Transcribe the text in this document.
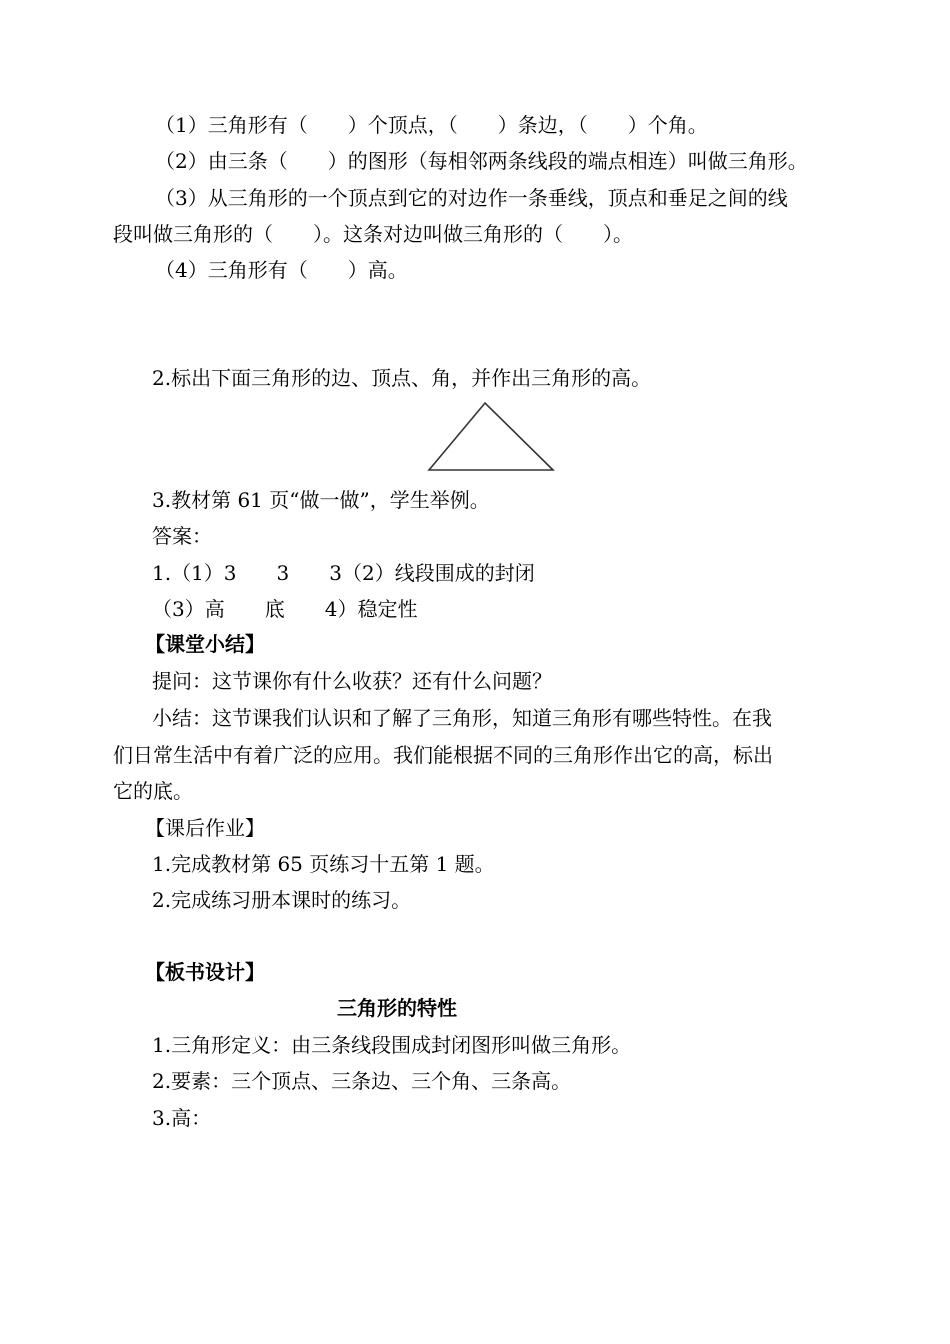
（1）三角形有（　　）个顶点，（　　）条边，（　　）个角。
（2）由三条（　　）的图形（每相邻两条线段的端点相连）叫做三角形。
（3）从三角形的一个顶点到它的对边作一条垂线，顶点和垂足之间的线
段叫做三角形的（　　）。这条对边叫做三角形的（　　）。
（4）三角形有（　　）高。
2.标出下面三角形的边、顶点、角，并作出三角形的高。
3.教材第 61 页“做一做”，学生举例。
答案：
1.（1）3　　3　　3（2）线段围成的封闭
（3）高　　底　　4）稳定性
【课堂小结】
提问：这节课你有什么收获？还有什么问题？
小结：这节课我们认识和了解了三角形，知道三角形有哪些特性。在我
们日常生活中有着广泛的应用。我们能根据不同的三角形作出它的高，标出
它的底。
【课后作业】
1.完成教材第 65 页练习十五第 1 题。
2.完成练习册本课时的练习。
【板书设计】
三角形的特性
1.三角形定义：由三条线段围成封闭图形叫做三角形。
2.要素：三个顶点、三条边、三个角、三条高。
3.高：
